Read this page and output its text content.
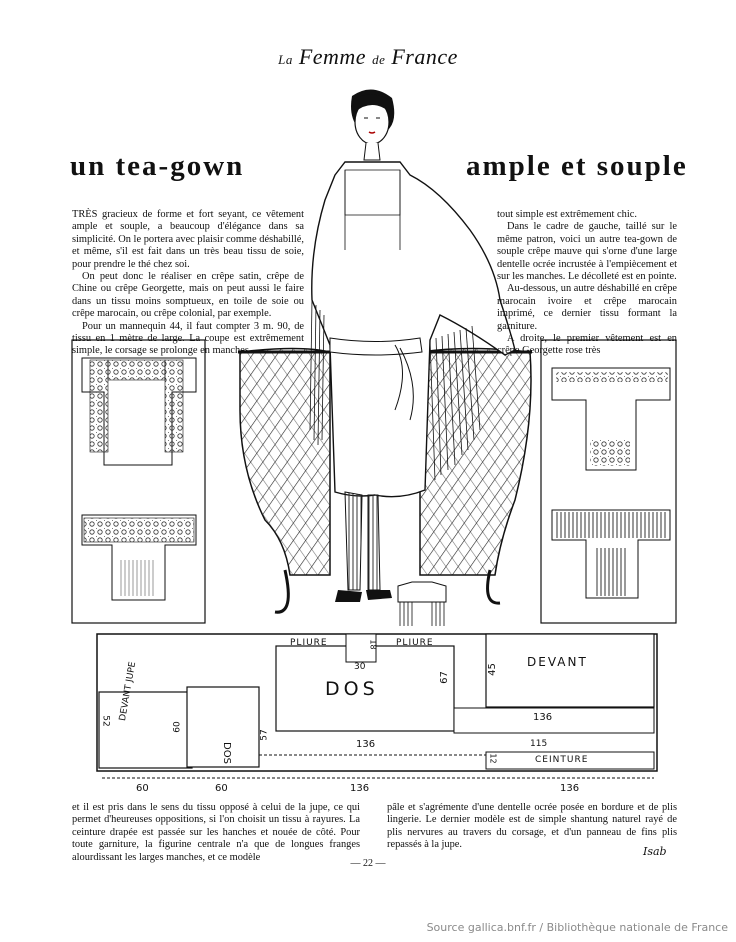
La Femme de France
un tea-gown	ample et souple
PLIURE	PLIURE
DOS
DEVANT
CEINTURE
DEVANT JUPE
DOS
30
18
45
67
136
136
115
12
52
60
57
60	60	136	136

TRÈS gracieux de forme et fort seyant, ce vêtement ample et souple, a beaucoup d'élégance dans sa simplicité. On le portera avec plaisir comme déshabillé, et même, s'il est fait dans un très beau tissu de soie, pour prendre le thé chez soi.

On peut donc le réaliser en crêpe satin, crêpe de Chine ou crêpe Georgette, mais on peut aussi le faire dans un tissu moins somptueux, en toile de soie ou crêpe marocain, ou crêpe colonial, par exemple.

Pour un mannequin 44, il faut compter 3 m. 90, de tissu en 1 mètre de large. La coupe est extrêmement simple, le corsage se prolonge en manches

tout simple est extrêmement chic.

Dans le cadre de gauche, taillé sur le même patron, voici un autre tea-gown de souple crêpe mauve qui s'orne d'une large dentelle ocrée incrustée à l'empiècement et sur les manches. Le décolleté est en pointe.

Au-dessous, un autre déshabillé en crêpe marocain ivoire et crêpe marocain imprimé, ce dernier tissu formant la garniture.

A droite, le premier vêtement est en crêpe Georgette rose très

et il est pris dans le sens du tissu opposé à celui de la jupe, ce qui permet d'heureuses oppositions, si l'on choisit un tissu à rayures. La ceinture drapée est passée sur les hanches et nouée de côté. Pour toute garniture, la figurine centrale n'a que de longues franges alourdissant les larges manches, et ce modèle

pâle et s'agrémente d'une dentelle ocrée posée en bordure et de plis lingerie. Le dernier modèle est de simple shantung naturel rayé de plis nervures au travers du corsage, et d'un panneau de fins plis repassés à la jupe.

Isab
— 22 —
Source gallica.bnf.fr / Bibliothèque nationale de France
